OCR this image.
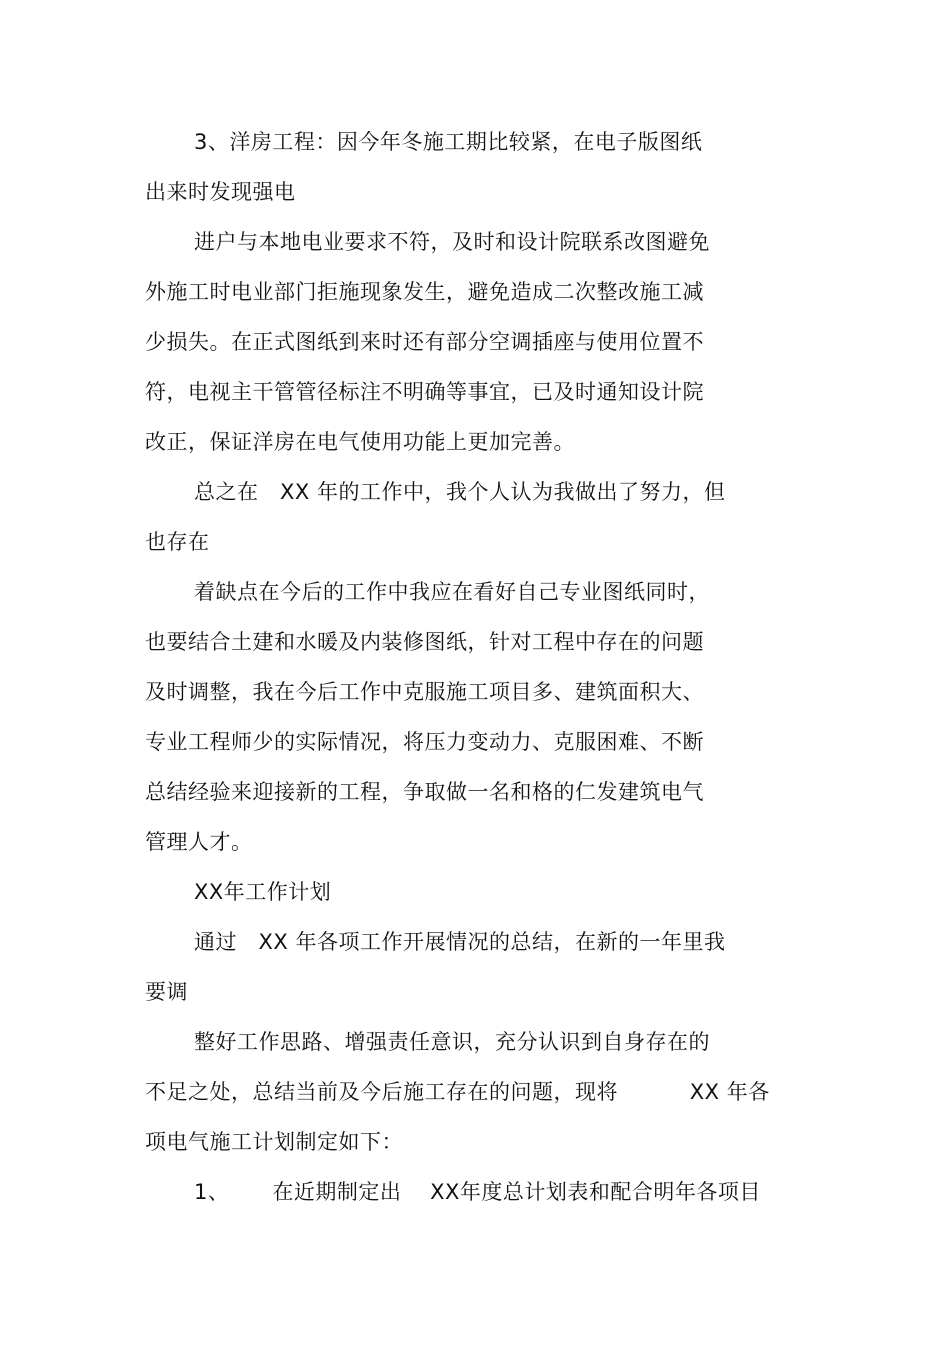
3、洋房工程：因今年冬施工期比较紧，在电子版图纸
出来时发现强电
进户与本地电业要求不符，及时和设计院联系改图避免
外施工时电业部门拒施现象发生，避免造成二次整改施工减
少损失。在正式图纸到来时还有部分空调插座与使用位置不
符，电视主干管管径标注不明确等事宜，已及时通知设计院
改正，保证洋房在电气使用功能上更加完善。
总之在   XX 年的工作中，我个人认为我做出了努力，但
也存在
着缺点在今后的工作中我应在看好自己专业图纸同时，
也要结合土建和水暖及内装修图纸，针对工程中存在的问题
及时调整，我在今后工作中克服施工项目多、建筑面积大、
专业工程师少的实际情况，将压力变动力、克服困难、不断
总结经验来迎接新的工程，争取做一名和格的仁发建筑电气
管理人才。
XX年工作计划
通过   XX 年各项工作开展情况的总结，在新的一年里我
要调
整好工作思路、增强责任意识，充分认识到自身存在的
不足之处，总结当前及今后施工存在的问题，现将          XX 年各
项电气施工计划制定如下：
1、      在近期制定出    XX年度总计划表和配合明年各项目
